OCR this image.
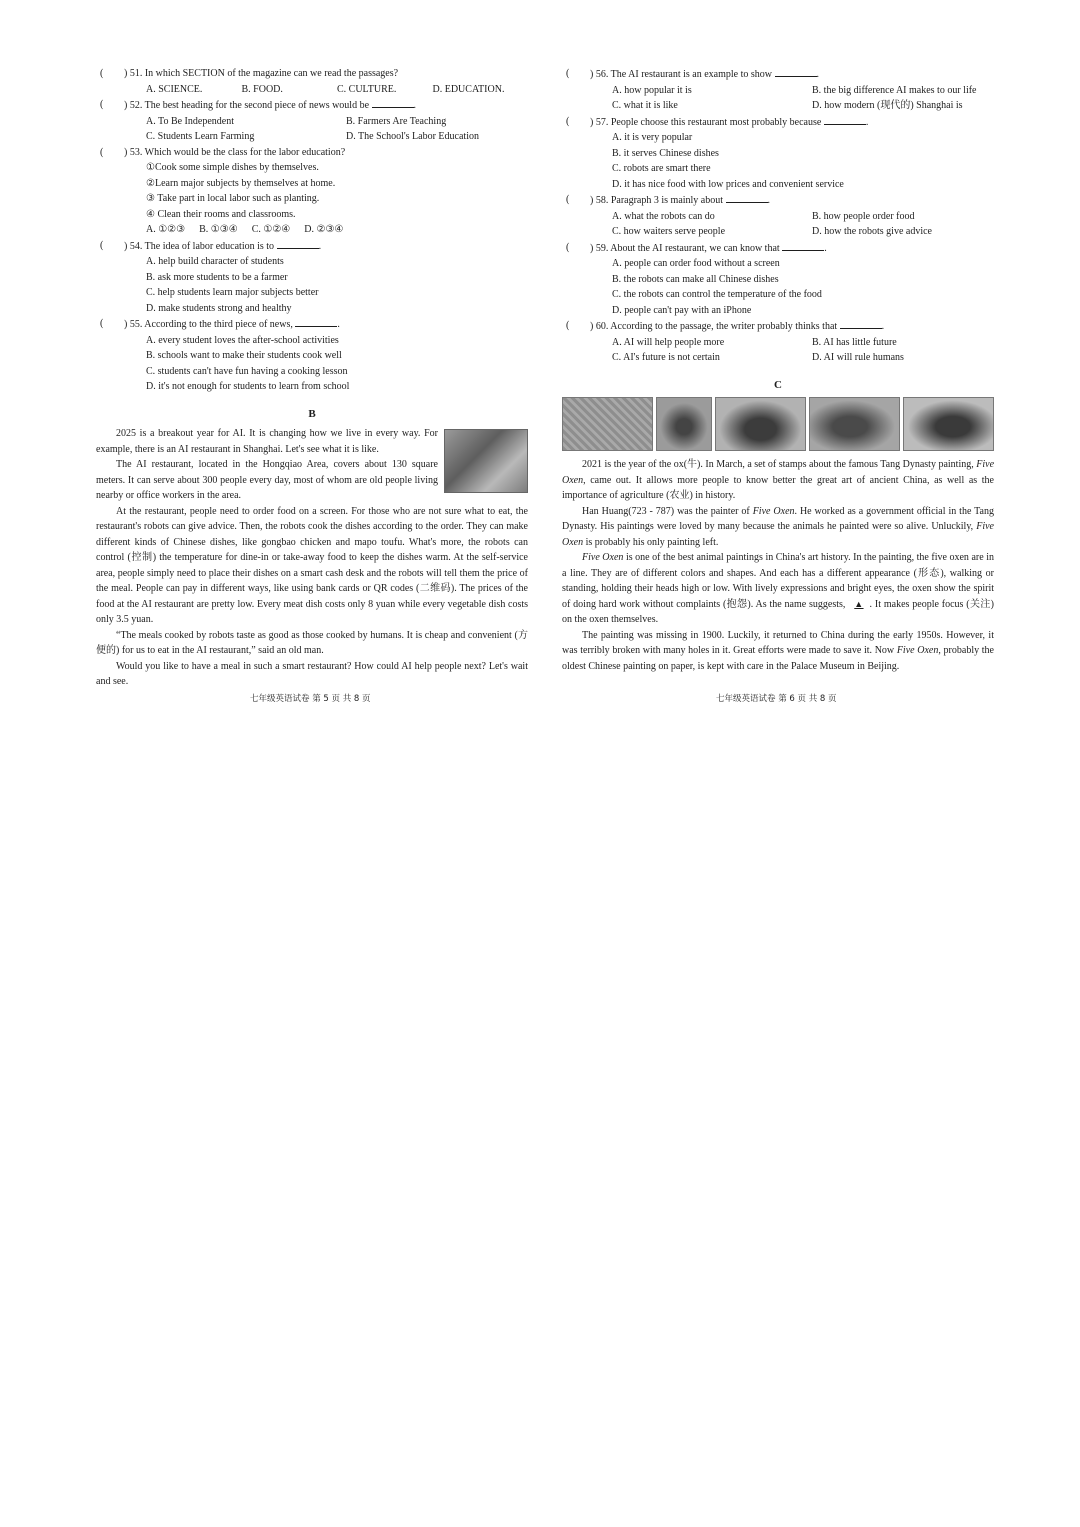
( ) 51. In which SECTION of the magazine can we read the passages?
A. SCIENCE.	B. FOOD.	C. CULTURE.	D. EDUCATION.
( ) 52. The best heading for the second piece of news would be	.
A. To Be Independent	B. Farmers Are Teaching
C. Students Learn Farming	D. The School's Labor Education
( ) 53. Which would be the class for the labor education?
①Cook some simple dishes by themselves.
②Learn major subjects by themselves at home.
③ Take part in local labor such as planting.
④ Clean their rooms and classrooms.
A. ①②③ B. ①③④ C. ①②④ D. ②③④
( ) 54. The idea of labor education is to	.
A. help build character of students
B. ask more students to be a farmer
C. help students learn major subjects better
D. make students strong and healthy
( ) 55. According to the third piece of news,	.
A. every student loves the after-school activities
B. schools want to make their students cook well
C. students can't have fun having a cooking lesson
D. it's not enough for students to learn from school
B

2025 is a breakout year for AI. It is changing how we live in every way. For example, there is an AI restaurant in Shanghai. Let's see what it is like.

The AI restaurant, located in the Hongqiao Area, covers about 130 square meters. It can serve about 300 people every day, most of whom are old people living nearby or office workers in the area.

At the restaurant, people need to order food on a screen. For those who are not sure what to eat, the restaurant's robots can give advice. Then, the robots cook the dishes according to the order. They can make different kinds of Chinese dishes, like gongbao chicken and mapo toufu. What's more, the robots can control (控制) the temperature for dine-in or take-away food to keep the dishes warm. At the self-service area, people simply need to place their dishes on a smart cash desk and the robots will tell them the price of the meal. People can pay in different ways, like using bank cards or QR codes (二维码). The prices of the food at the AI restaurant are pretty low. Every meat dish costs only 8 yuan while every vegetable dish costs only 3.5 yuan.

“The meals cooked by robots taste as good as those cooked by humans. It is cheap and convenient (方便的) for us to eat in the AI restaurant,” said an old man.

Would you like to have a meal in such a smart restaurant? How could AI help people next? Let's wait and see.

( ) 56. The AI restaurant is an example to show	.
A. how popular it is	B. the big difference AI makes to our life
C. what it is like	D. how modern (现代的) Shanghai is
( ) 57. People choose this restaurant most probably because	.
A. it is very popular
B. it serves Chinese dishes
C. robots are smart there
D. it has nice food with low prices and convenient service
( ) 58. Paragraph 3 is mainly about	.
A. what the robots can do	B. how people order food
C. how waiters serve people	D. how the robots give advice
( ) 59. About the AI restaurant, we can know that	.
A. people can order food without a screen
B. the robots can make all Chinese dishes
C. the robots can control the temperature of the food
D. people can't pay with an iPhone
( ) 60. According to the passage, the writer probably thinks that	.
A. AI will help people more	B. AI has little future
C. AI's future is not certain	D. AI will rule humans
C

2021 is the year of the ox(牛). In March, a set of stamps about the famous Tang Dynasty painting, Five Oxen, came out. It allows more people to know better the great art of ancient China, as well as the importance of agriculture (农业) in history.

Han Huang(723 - 787) was the painter of Five Oxen. He worked as a government official in the Tang Dynasty. His paintings were loved by many because the animals he painted were so alive. Unluckily, Five Oxen is probably his only painting left.

Five Oxen is one of the best animal paintings in China's art history. In the painting, the five oxen are in a line. They are of different colors and shapes. And each has a different appearance (形态), walking or standing, holding their heads high or low. With lively expressions and bright eyes, the oxen show the spirit of doing hard work without complaints (抱怨). As the name suggests, ▲ . It makes people focus (关注) on the oxen themselves.

The painting was missing in 1900. Luckily, it returned to China during the early 1950s. However, it was terribly broken with many holes in it. Great efforts were made to save it. Now Five Oxen, probably the oldest Chinese painting on paper, is kept with care in the Palace Museum in Beijing.

七年级英语试卷 第 5 页 共 8 页	七年级英语试卷 第 6 页 共 8 页
